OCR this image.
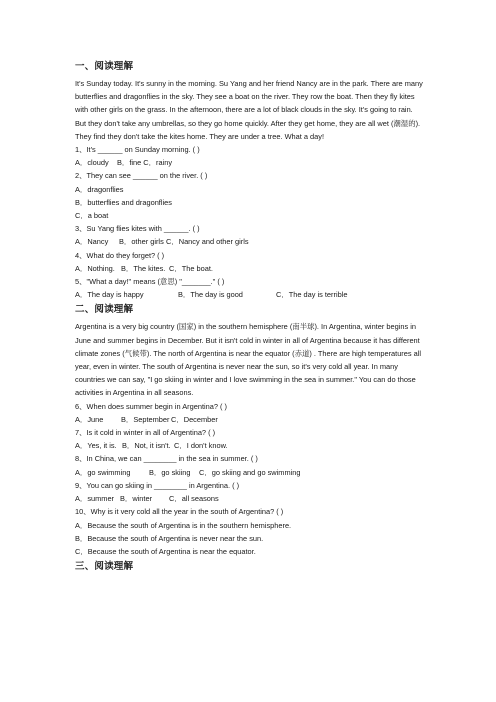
一、阅读理解

It's Sunday today. It's sunny in the morning. Su Yang and her friend Nancy are in the park. There are many butterflies and dragonflies in the sky. They see a boat on the river. They row the boat. Then they fly kites with other girls on the grass. In the afternoon, there are a lot of black clouds in the sky. It's going to rain. But they don't take any umbrellas, so they go home quickly. After they get home, they are all wet (潮湿的). They find they don't take the kites home. They are under a tree. What a day!

1、It's ______ on Sunday morning. ( )
A．cloudy	B．fine C．rainy
2、They can see ______ on the river. ( )
A．dragonflies
B．butterflies and dragonflies
C．a boat
3、Su Yang flies kites with ______. ( )
A．Nancy	B．other girls C．Nancy and other girls
4、What do they forget? ( )
A．Nothing. B．The kites. C．The boat.
5、"What a day!" means (意思) "_______." ( )
A．The day is happy	B．The day is good	C．The day is terrible
二、阅读理解

Argentina is a very big country (国家) in the southern hemisphere (南半球). In Argentina, winter begins in June and summer begins in December. But it isn't cold in winter in all of Argentina because it has different climate zones (气候带). The north of Argentina is near the equator (赤道) . There are high temperatures all year, even in winter. The south of Argentina is never near the sun, so it's very cold all year. In many countries we can say, "I go skiing in winter and I love swimming in the sea in summer." You can do those activities in Argentina in all seasons.

6、When does summer begin in Argentina? ( )
A．June	B．September C．December
7、Is it cold in winter in all of Argentina? ( )
A．Yes, it is. B．Not, it isn't. C．I don't know.
8、In China, we can ________ in the sea in summer. ( )
A．go swimming	B．go skiing	C．go skiing and go swimming
9、You can go skiing in ________ in Argentina. ( )
A．summer B．winter	C．all seasons
10、Why is it very cold all the year in the south of Argentina? ( )
A．Because the south of Argentina is in the southern hemisphere.
B．Because the south of Argentina is never near the sun.
C．Because the south of Argentina is near the equator.
三、阅读理解
